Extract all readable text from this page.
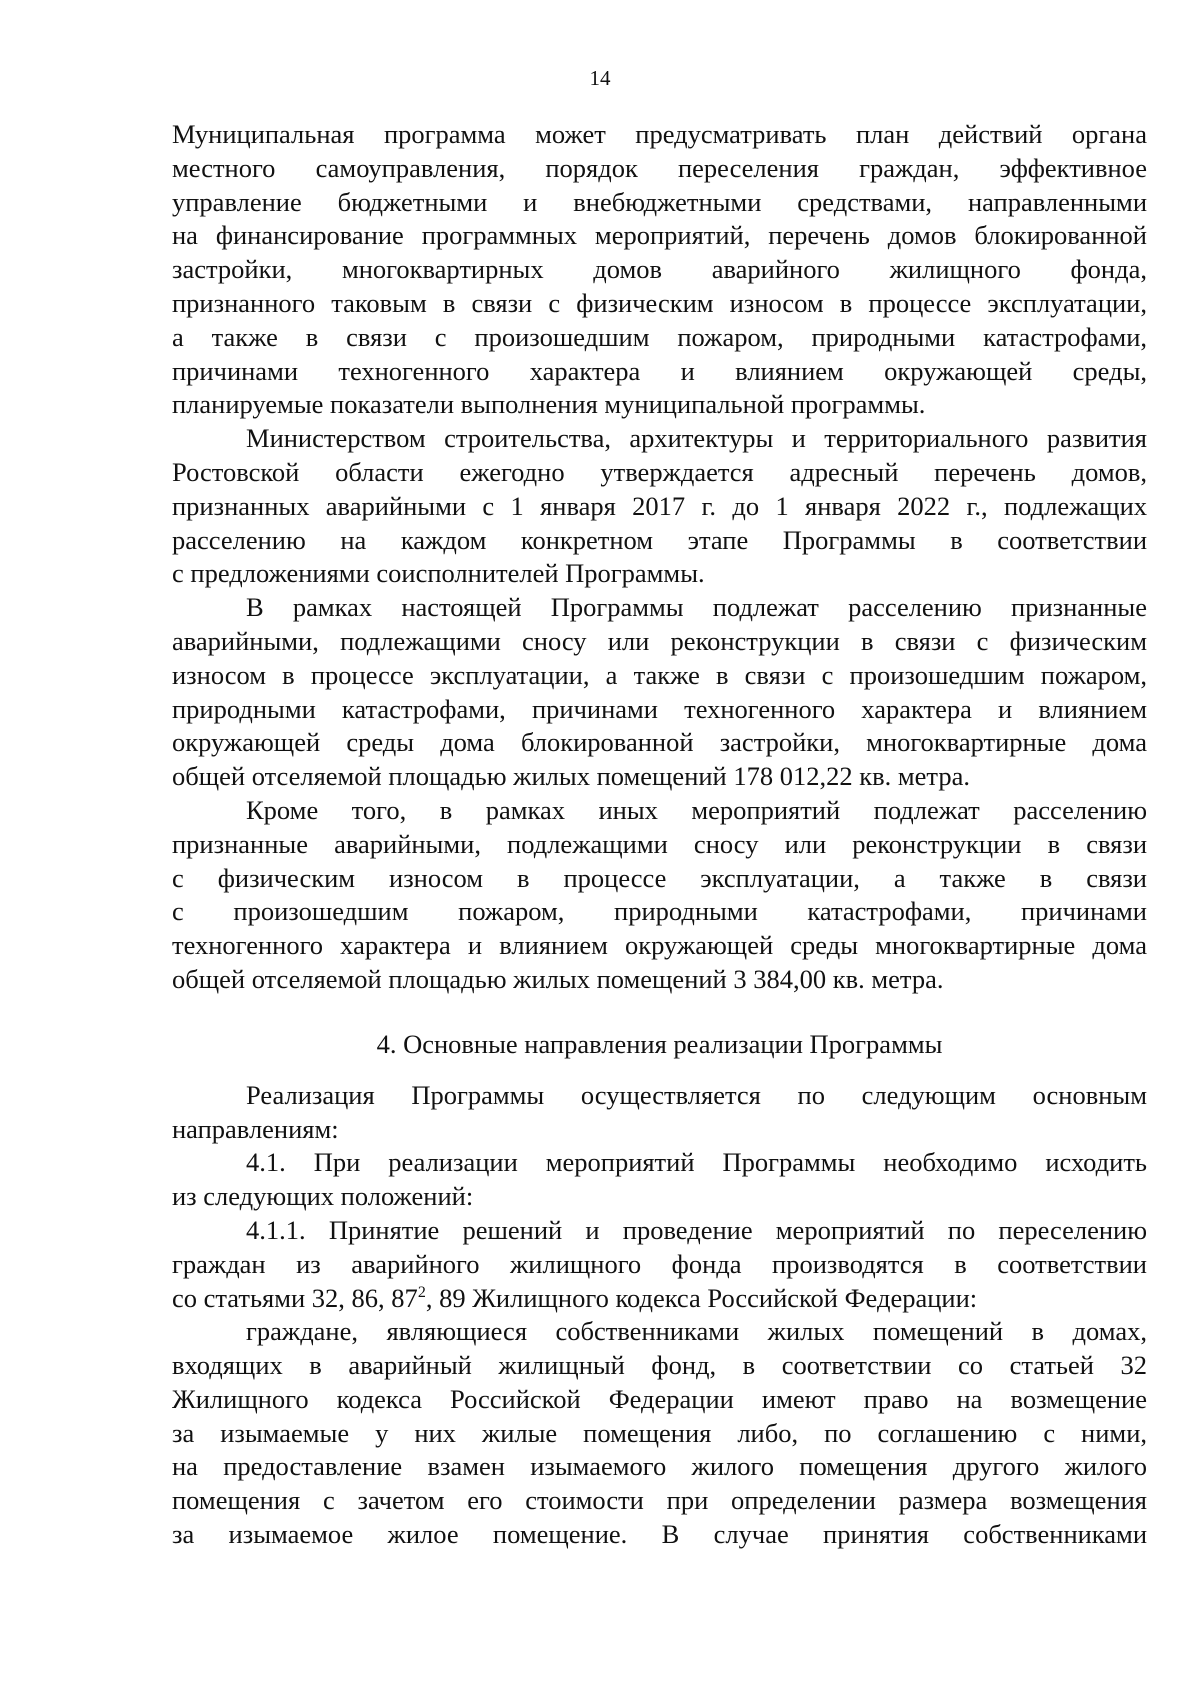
14
Муниципальная программа может предусматривать план действий органа
местного самоуправления, порядок переселения граждан, эффективное
управление бюджетными и внебюджетными средствами, направленными
на финансирование программных мероприятий, перечень домов блокированной
застройки, многоквартирных домов аварийного жилищного фонда,
признанного таковым в связи с физическим износом в процессе эксплуатации,
а также в связи с произошедшим пожаром, природными катастрофами,
причинами техногенного характера и влиянием окружающей среды,
планируемые показатели выполнения муниципальной программы.
Министерством строительства, архитектуры и территориального развития
Ростовской области ежегодно утверждается адресный перечень домов,
признанных аварийными с 1 января 2017 г. до 1 января 2022 г., подлежащих
расселению на каждом конкретном этапе Программы в соответствии
с предложениями соисполнителей Программы.
В рамках настоящей Программы подлежат расселению признанные
аварийными, подлежащими сносу или реконструкции в связи с физическим
износом в процессе эксплуатации, а также в связи с произошедшим пожаром,
природными катастрофами, причинами техногенного характера и влиянием
окружающей среды дома блокированной застройки, многоквартирные дома
общей отселяемой площадью жилых помещений 178 012,22 кв. метра.
Кроме того, в рамках иных мероприятий подлежат расселению
признанные аварийными, подлежащими сносу или реконструкции в связи
с физическим износом в процессе эксплуатации, а также в связи
с произошедшим пожаром, природными катастрофами, причинами
техногенного характера и влиянием окружающей среды многоквартирные дома
общей отселяемой площадью жилых помещений 3 384,00 кв. метра.
4. Основные направления реализации Программы
Реализация Программы осуществляется по следующим основным
направлениям:
4.1. При реализации мероприятий Программы необходимо исходить
из следующих положений:
4.1.1. Принятие решений и проведение мероприятий по переселению
граждан из аварийного жилищного фонда производятся в соответствии
со статьями 32, 86, $87^2$, 89 Жилищного кодекса Российской Федерации:
граждане, являющиеся собственниками жилых помещений в домах,
входящих в аварийный жилищный фонд, в соответствии со статьей 32
Жилищного кодекса Российской Федерации имеют право на возмещение
за изымаемые у них жилые помещения либо, по соглашению с ними,
на предоставление взамен изымаемого жилого помещения другого жилого
помещения с зачетом его стоимости при определении размера возмещения
за изымаемое жилое помещение. В случае принятия собственниками
